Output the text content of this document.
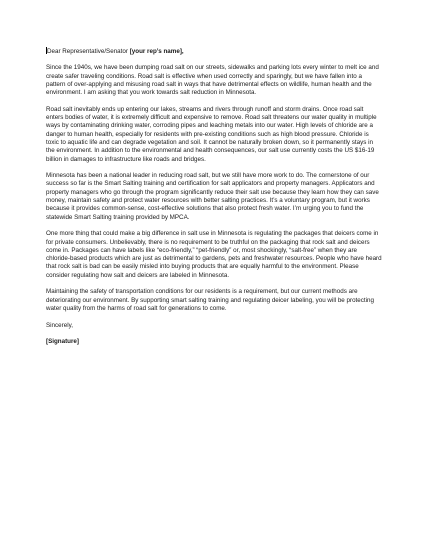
Dear Representative/Senator [your rep’s name],

Since the 1940s, we have been dumping road salt on our streets, sidewalks and parking lots every winter to melt ice and create safer traveling conditions. Road salt is effective when used correctly and sparingly, but we have fallen into a pattern of over-applying and misusing road salt in ways that have detrimental effects on wildlife, human health and the environment. I am asking that you work towards salt reduction in Minnesota.

Road salt inevitably ends up entering our lakes, streams and rivers through runoff and storm drains. Once road salt enters bodies of water, it is extremely difficult and expensive to remove. Road salt threatens our water quality in multiple ways by contaminating drinking water, corroding pipes and leaching metals into our water. High levels of chloride are a danger to human health, especially for residents with pre-existing conditions such as high blood pressure. Chloride is toxic to aquatic life and can degrade vegetation and soil. It cannot be naturally broken down, so it permanently stays in the environment. In addition to the environmental and health consequences, our salt use currently costs the US $16-19 billion in damages to infrastructure like roads and bridges.

Minnesota has been a national leader in reducing road salt, but we still have more work to do. The cornerstone of our success so far is the Smart Salting training and certification for salt applicators and property managers. Applicators and property managers who go through the program significantly reduce their salt use because they learn how they can save money, maintain safety and protect water resources with better salting practices. It’s a voluntary program, but it works because it provides common-sense, cost-effective solutions that also protect fresh water. I’m urging you to fund the statewide Smart Salting training provided by MPCA.

One more thing that could make a big difference in salt use in Minnesota is regulating the packages that deicers come in for private consumers. Unbelievably, there is no requirement to be truthful on the packaging that rock salt and deicers come in. Packages can have labels like “eco-friendly,” “pet-friendly” or, most shockingly, “salt-free” when they are chloride-based products which are just as detrimental to gardens, pets and freshwater resources. People who have heard that rock salt is bad can be easily misled into buying products that are equally harmful to the environment. Please consider regulating how salt and deicers are labeled in Minnesota.

Maintaining the safety of transportation conditions for our residents is a requirement, but our current methods are deteriorating our environment. By supporting smart salting training and regulating deicer labeling, you will be protecting water quality from the harms of road salt for generations to come.

Sincerely,

[Signature]
